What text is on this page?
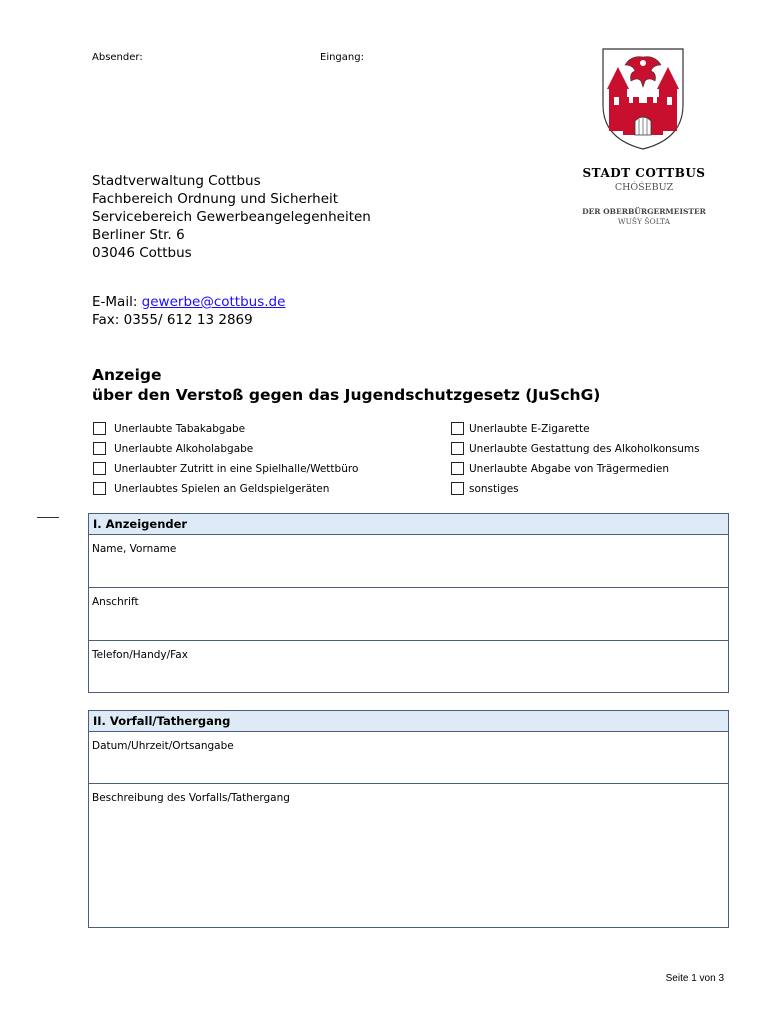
Absender:	Eingang:
STADT COTTBUS
CHÓŚEBUZ
DER OBERBÜRGERMEISTER
WUŠY ŠOLTA
Stadtverwaltung Cottbus
Fachbereich Ordnung und Sicherheit
Servicebereich Gewerbeangelegenheiten
Berliner Str. 6
03046 Cottbus
E-Mail: gewerbe@cottbus.de
Fax: 0355/ 612 13 2869
Anzeige
über den Verstoß gegen das Jugendschutzgesetz (JuSchG)
Unerlaubte Tabakabgabe
Unerlaubte Alkoholabgabe
Unerlaubter Zutritt in eine Spielhalle/Wettbüro
Unerlaubtes Spielen an Geldspielgeräten
Unerlaubte E-Zigarette
Unerlaubte Gestattung des Alkoholkonsums
Unerlaubte Abgabe von Trägermedien
sonstiges
I. Anzeigender
Name, Vorname
Anschrift
Telefon/Handy/Fax
II. Vorfall/Tathergang
Datum/Uhrzeit/Ortsangabe
Beschreibung des Vorfalls/Tathergang
Seite 1 von 3
